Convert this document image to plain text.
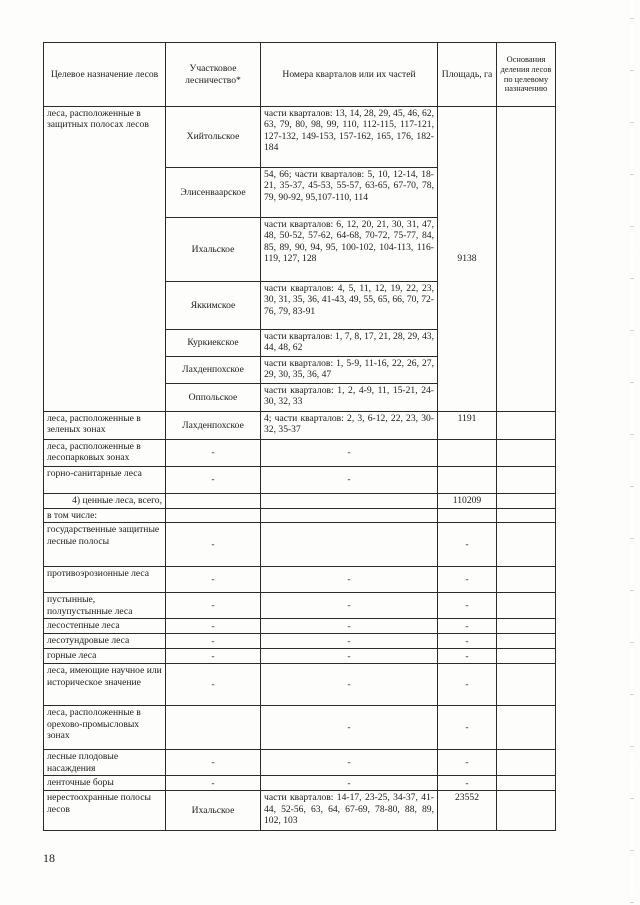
Целевое назначение лесов	Участковое лесничество*	Номера кварталов или их частей	Площадь, га	Основания деления лесов по целевому назначению
леса, расположенные в защитных полосах лесов	Хийтольское	части кварталов: 13, 14, 28, 29, 45, 46, 62, 63, 79, 80, 98, 99, 110, 112-115, 117-121, 127-132, 149-153, 157-162, 165, 176, 182-184	9138	
	Элисенваарское	54, 66; части кварталов: 5, 10, 12-14, 18-21, 35-37, 45-53, 55-57, 63-65, 67-70, 78, 79, 90-92, 95,107-110, 114		
	Ихальское	части кварталов: 6, 12, 20, 21, 30, 31, 47, 48, 50-52, 57-62, 64-68, 70-72, 75-77, 84, 85, 89, 90, 94, 95, 100-102, 104-113, 116-119, 127, 128		
	Яккимское	части кварталов: 4, 5, 11, 12, 19, 22, 23, 30, 31, 35, 36, 41-43, 49, 55, 65, 66, 70, 72-76, 79, 83-91		
	Куркиекское	части кварталов: 1, 7, 8, 17, 21, 28, 29, 43, 44, 48, 62		
	Лахденпохское	части кварталов: 1, 5-9, 11-16, 22, 26, 27, 29, 30, 35, 36, 47		
	Оппольское	части кварталов: 1, 2, 4-9, 11, 15-21, 24-30, 32, 33		
леса, расположенные в зеленых зонах	Лахденпохское	4; части кварталов: 2, 3, 6-12, 22, 23, 30-32, 35-37	1191	
леса, расположенные в лесопарковых зонах	-	-		
горно-санитарные леса	-	-		
4) ценные леса, всего,			110209	
в том числе:				
государственные защитные лесные полосы	-		-	
противоэрозионные леса	-	-	-	
пустынные, полупустынные леса	-	-	-	
лесостепные леса	-	-	-	
лесотундровые леса	-	-	-	
горные леса	-	-	-	
леса, имеющие научное или историческое значение	-	-	-	
леса, расположенные в орехово-промысловых зонах		-	-	
лесные плодовые насаждения	-	-	-	
ленточные боры	-	-	-	
нерестоохранные полосы лесов	Ихальское	части кварталов: 14-17, 23-25, 34-37, 41-44, 52-56, 63, 64, 67-69, 78-80, 88, 89, 102, 103	23552	
18
